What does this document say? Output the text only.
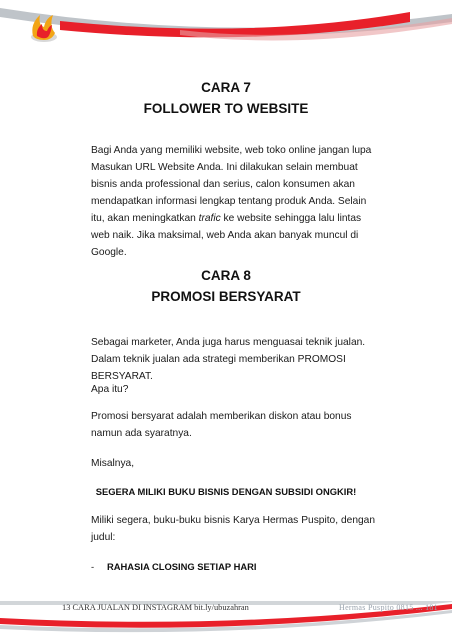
CARA 7
FOLLOWER TO WEBSITE
Bagi Anda yang memiliki website, web toko online jangan lupa Masukan URL Website Anda. Ini dilakukan selain membuat bisnis anda professional dan serius, calon konsumen akan mendapatkan informasi lengkap tentang produk Anda. Selain itu, akan meningkatkan trafic ke website sehingga lalu lintas web naik. Jika maksimal, web Anda akan banyak muncul di Google.
CARA 8
PROMOSI BERSYARAT
Sebagai marketer, Anda juga harus menguasai teknik jualan. Dalam teknik jualan ada strategi memberikan PROMOSI BERSYARAT.
Apa itu?
Promosi bersyarat adalah memberikan diskon atau bonus namun ada syaratnya.
Misalnya,
SEGERA MILIKI BUKU BISNIS DENGAN SUBSIDI ONGKIR!
Miliki segera, buku-buku bisnis Karya Hermas Puspito, dengan judul:
- RAHASIA CLOSING SETIAP HARI
13 CARA JUALAN DI INSTAGRAM bit.ly/ubuzahran	Hermas Puspito 0815 ... 181
